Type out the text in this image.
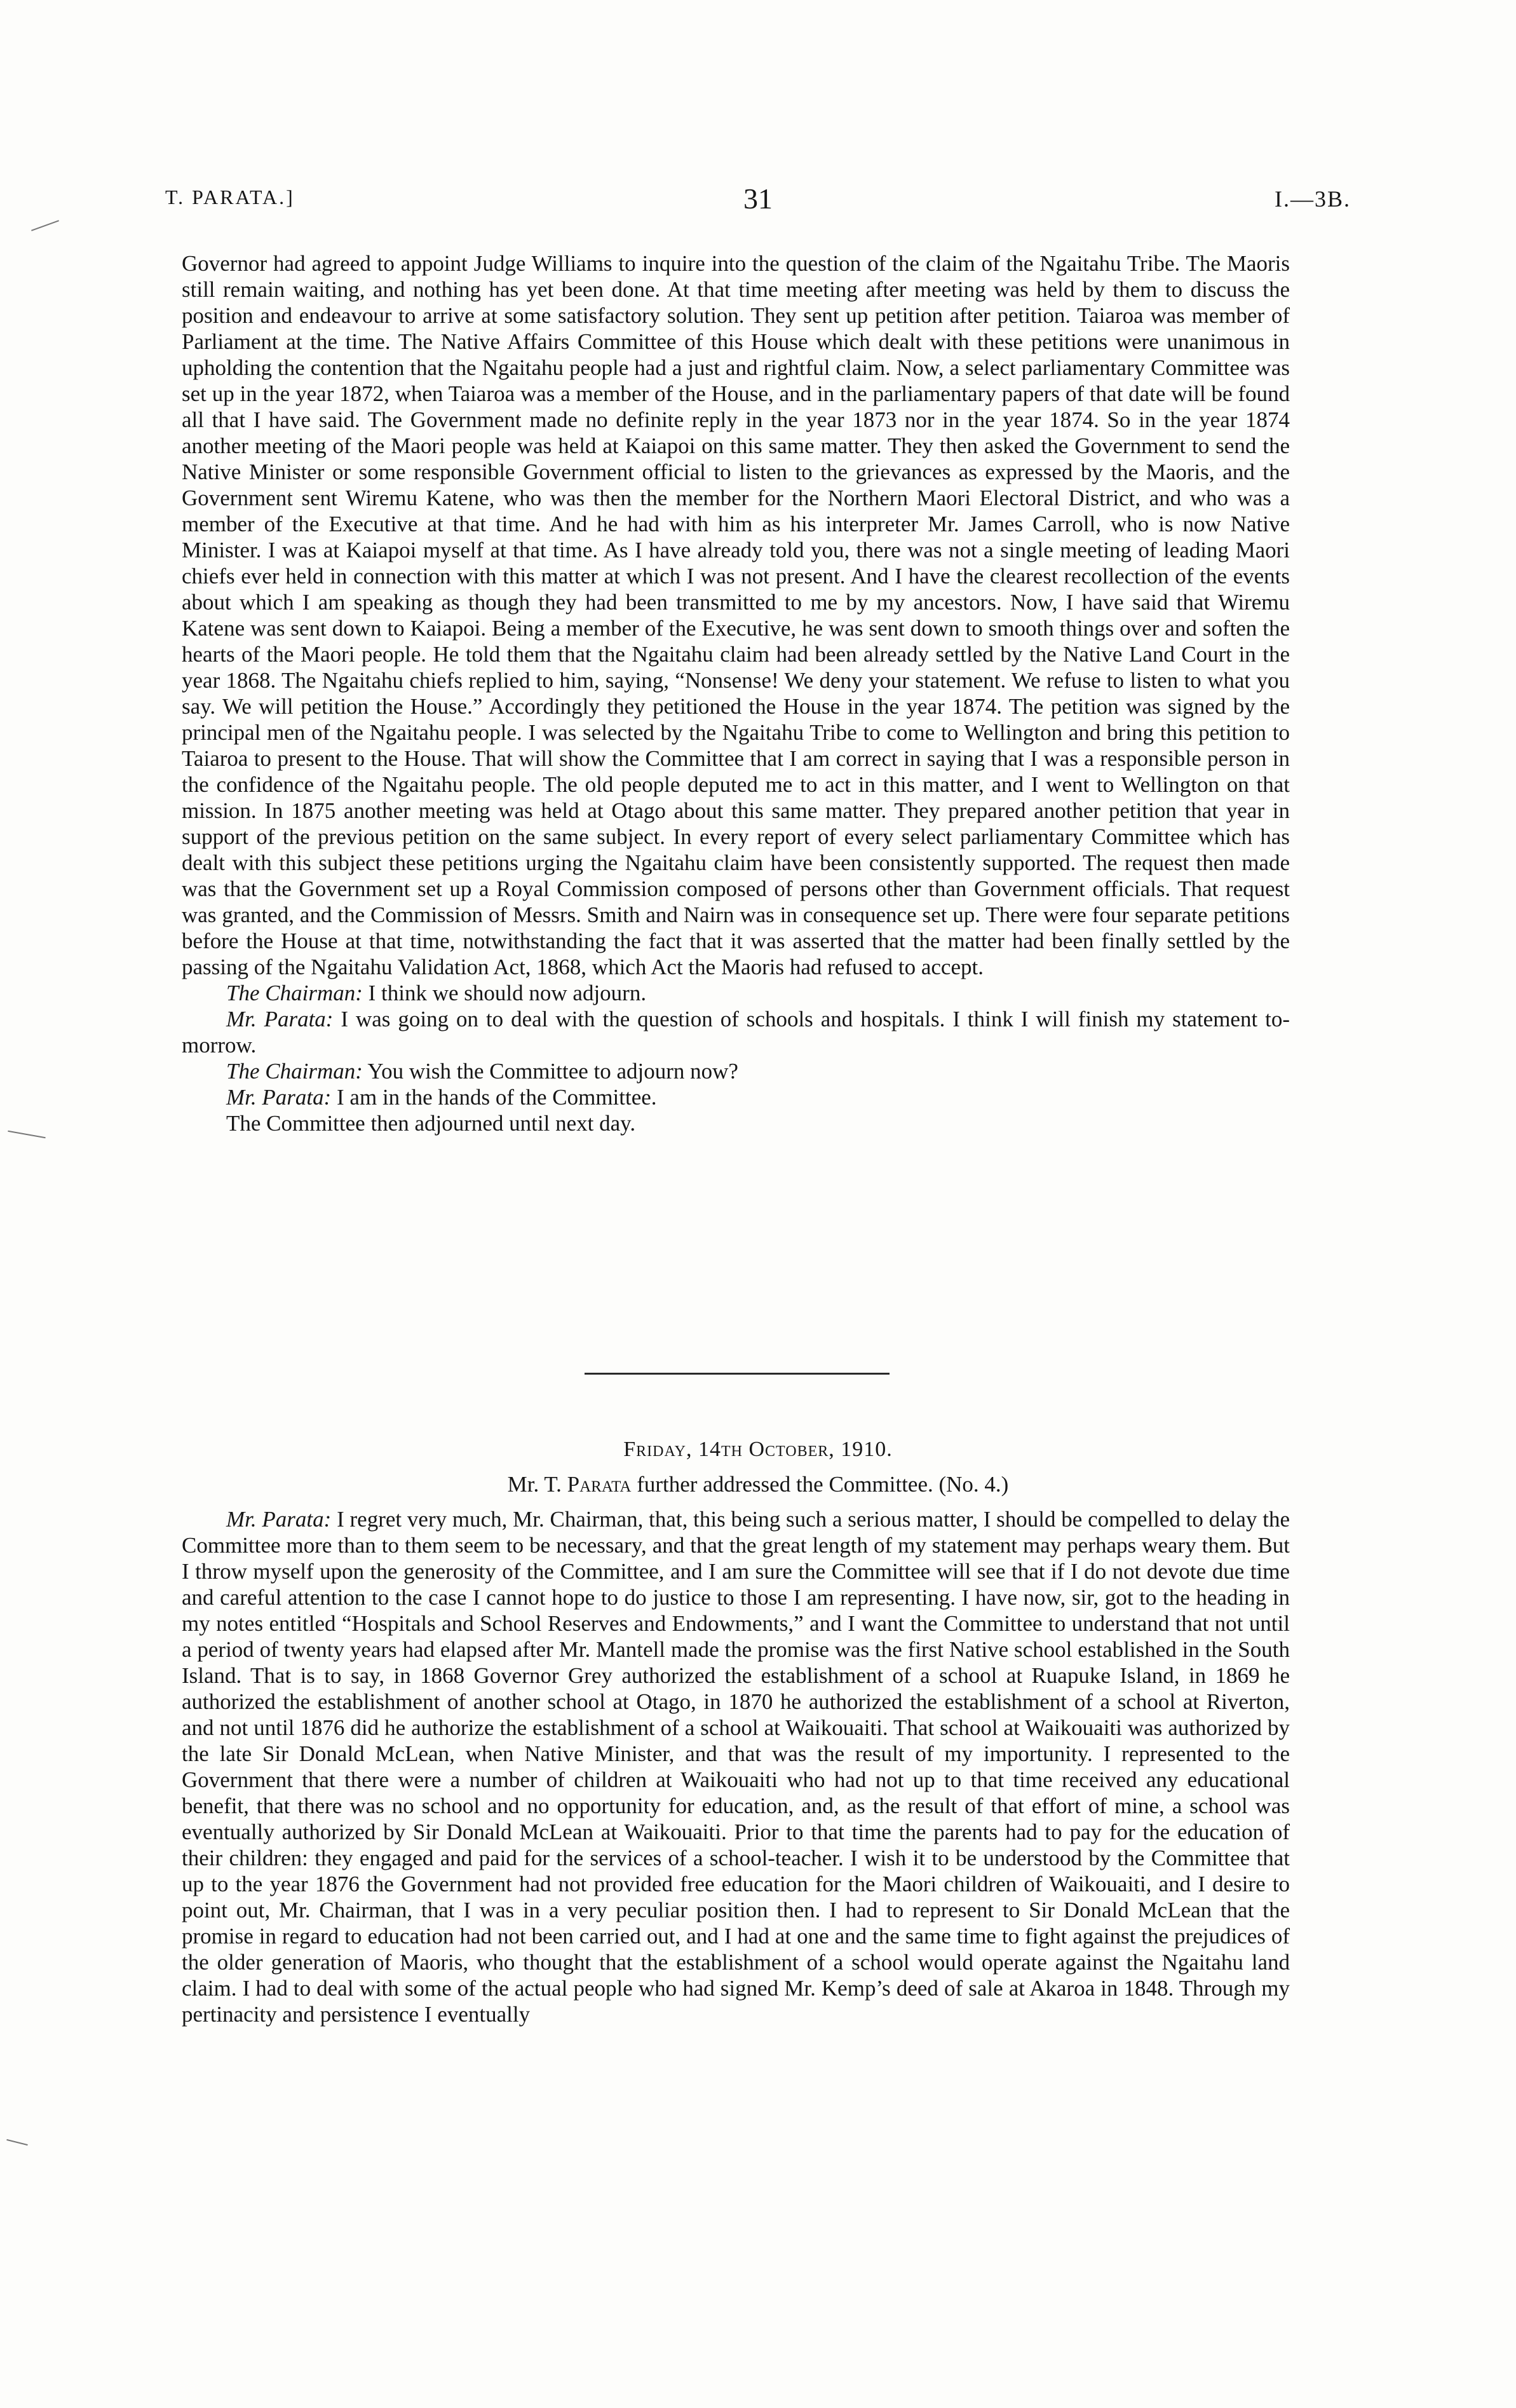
T. PARATA.]	31	I.—3B.

Governor had agreed to appoint Judge Williams to inquire into the question of the claim of the Ngaitahu Tribe. The Maoris still remain waiting, and nothing has yet been done. At that time meeting after meeting was held by them to discuss the position and endeavour to arrive at some satisfactory solution. They sent up petition after petition. Taiaroa was member of Parliament at the time. The Native Affairs Committee of this House which dealt with these petitions were unanimous in upholding the contention that the Ngaitahu people had a just and rightful claim. Now, a select parliamentary Committee was set up in the year 1872, when Taiaroa was a member of the House, and in the parliamentary papers of that date will be found all that I have said. The Government made no definite reply in the year 1873 nor in the year 1874. So in the year 1874 another meeting of the Maori people was held at Kaiapoi on this same matter. They then asked the Government to send the Native Minister or some responsible Government official to listen to the grievances as expressed by the Maoris, and the Government sent Wiremu Katene, who was then the member for the Northern Maori Electoral District, and who was a member of the Executive at that time. And he had with him as his interpreter Mr. James Carroll, who is now Native Minister. I was at Kaiapoi myself at that time. As I have already told you, there was not a single meeting of leading Maori chiefs ever held in connection with this matter at which I was not present. And I have the clearest recollection of the events about which I am speaking as though they had been transmitted to me by my ancestors. Now, I have said that Wiremu Katene was sent down to Kaiapoi. Being a member of the Executive, he was sent down to smooth things over and soften the hearts of the Maori people. He told them that the Ngaitahu claim had been already settled by the Native Land Court in the year 1868. The Ngaitahu chiefs replied to him, saying, “Nonsense! We deny your statement. We refuse to listen to what you say. We will petition the House.” Accordingly they petitioned the House in the year 1874. The petition was signed by the principal men of the Ngaitahu people. I was selected by the Ngaitahu Tribe to come to Wellington and bring this petition to Taiaroa to present to the House. That will show the Committee that I am correct in saying that I was a responsible person in the confidence of the Ngaitahu people. The old people deputed me to act in this matter, and I went to Wellington on that mission. In 1875 another meeting was held at Otago about this same matter. They prepared another petition that year in support of the previous petition on the same subject. In every report of every select parliamentary Committee which has dealt with this subject these petitions urging the Ngaitahu claim have been consistently supported. The request then made was that the Government set up a Royal Commission composed of persons other than Government officials. That request was granted, and the Commission of Messrs. Smith and Nairn was in consequence set up. There were four separate petitions before the House at that time, notwithstanding the fact that it was asserted that the matter had been finally settled by the passing of the Ngaitahu Validation Act, 1868, which Act the Maoris had refused to accept.

The Chairman: I think we should now adjourn.

Mr. Parata: I was going on to deal with the question of schools and hospitals. I think I will finish my statement to-morrow.

The Chairman: You wish the Committee to adjourn now?

Mr. Parata: I am in the hands of the Committee.

The Committee then adjourned until next day.

Friday, 14th October, 1910.
Mr. T. Parata further addressed the Committee. (No. 4.)

Mr. Parata: I regret very much, Mr. Chairman, that, this being such a serious matter, I should be compelled to delay the Committee more than to them seem to be necessary, and that the great length of my statement may perhaps weary them. But I throw myself upon the generosity of the Committee, and I am sure the Committee will see that if I do not devote due time and careful attention to the case I cannot hope to do justice to those I am representing. I have now, sir, got to the heading in my notes entitled “Hospitals and School Reserves and Endowments,” and I want the Committee to understand that not until a period of twenty years had elapsed after Mr. Mantell made the promise was the first Native school established in the South Island. That is to say, in 1868 Governor Grey authorized the establishment of a school at Ruapuke Island, in 1869 he authorized the establishment of another school at Otago, in 1870 he authorized the establishment of a school at Riverton, and not until 1876 did he authorize the establishment of a school at Waikouaiti. That school at Waikouaiti was authorized by the late Sir Donald McLean, when Native Minister, and that was the result of my importunity. I represented to the Government that there were a number of children at Waikouaiti who had not up to that time received any educational benefit, that there was no school and no opportunity for education, and, as the result of that effort of mine, a school was eventually authorized by Sir Donald McLean at Waikouaiti. Prior to that time the parents had to pay for the education of their children: they engaged and paid for the services of a school-teacher. I wish it to be understood by the Committee that up to the year 1876 the Government had not provided free education for the Maori children of Waikouaiti, and I desire to point out, Mr. Chairman, that I was in a very peculiar position then. I had to represent to Sir Donald McLean that the promise in regard to education had not been carried out, and I had at one and the same time to fight against the prejudices of the older generation of Maoris, who thought that the establishment of a school would operate against the Ngaitahu land claim. I had to deal with some of the actual people who had signed Mr. Kemp’s deed of sale at Akaroa in 1848. Through my pertinacity and persistence I eventually
